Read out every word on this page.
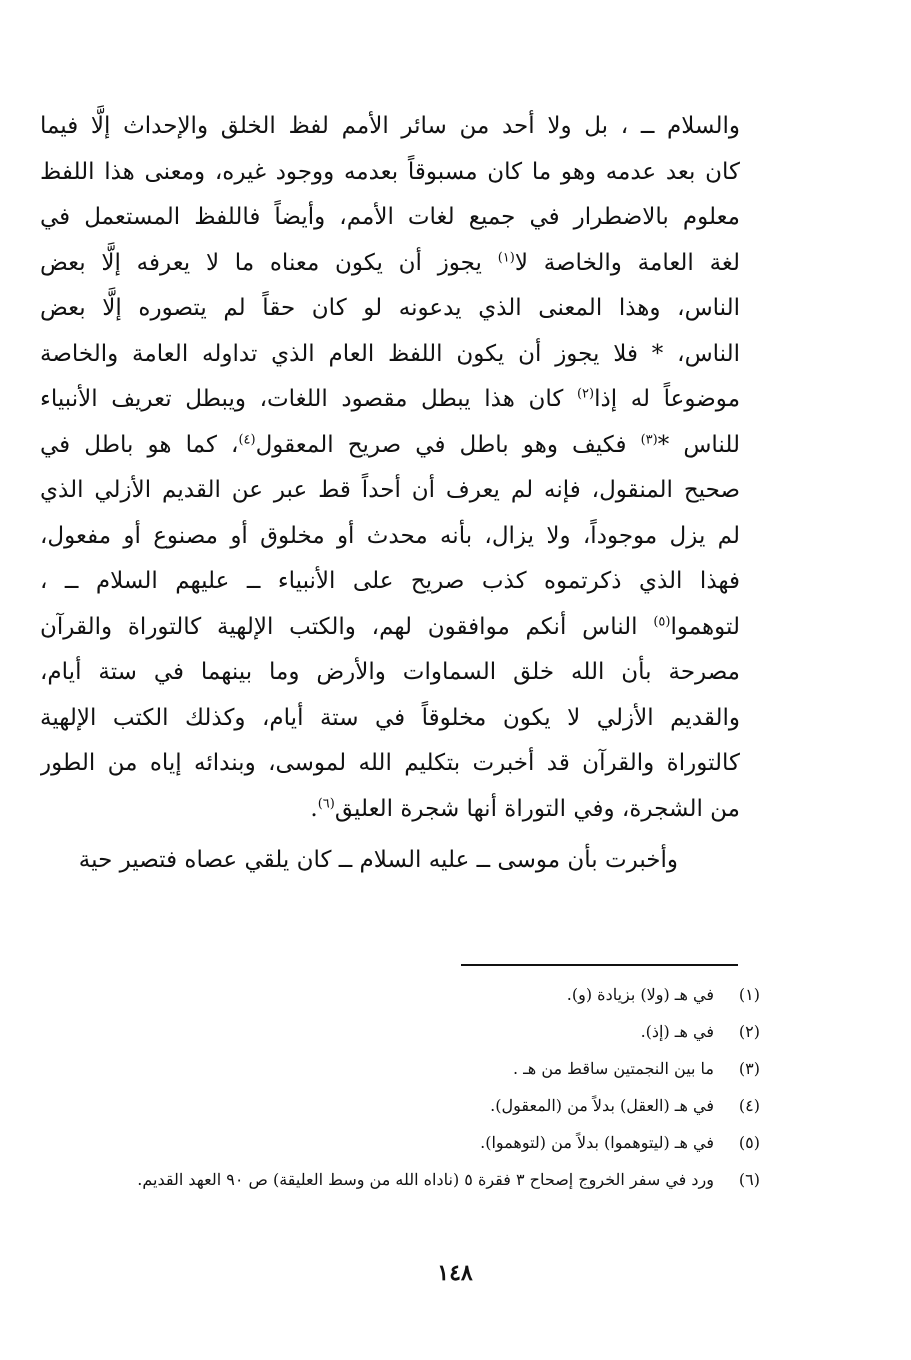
والسلام ــ ، بل ولا أحد من سائر الأمم لفظ الخلق والإحداث إلَّا فيما
كان بعد عدمه وهو ما كان مسبوقاً بعدمه ووجود غيره، ومعنى هذا اللفظ
معلوم بالاضطرار في جميع لغات الأمم، وأيضاً فاللفظ المستعمل في
لغة العامة والخاصة لا$^{(١)}$ يجوز أن يكون معناه ما لا يعرفه إلَّا بعض
الناس، وهذا المعنى الذي يدعونه لو كان حقاً لم يتصوره إلَّا بعض
الناس، * فلا يجوز أن يكون اللفظ العام الذي تداوله العامة والخاصة
موضوعاً له إذا$^{(٢)}$ كان هذا يبطل مقصود اللغات، ويبطل تعريف الأنبياء
للناس *$^{(٣)}$ فكيف وهو باطل في صريح المعقول$^{(٤)}$، كما هو باطل في
صحيح المنقول، فإنه لم يعرف أن أحداً قط عبر عن القديم الأزلي الذي
لم يزل موجوداً، ولا يزال، بأنه محدث أو مخلوق أو مصنوع أو مفعول،
فهذا الذي ذكرتموه كذب صريح على الأنبياء ــ عليهم السلام ــ ،
لتوهموا$^{(٥)}$ الناس أنكم موافقون لهم، والكتب الإلهية كالتوراة والقرآن
مصرحة بأن الله خلق السماوات والأرض وما بينهما في ستة أيام،
والقديم الأزلي لا يكون مخلوقاً في ستة أيام، وكذلك الكتب الإلهية
كالتوراة والقرآن قد أخبرت بتكليم الله لموسى، وبندائه إياه من الطور
من الشجرة، وفي التوراة أنها شجرة العليق$^{(٦)}$.
وأخبرت بأن موسى ــ عليه السلام ــ كان يلقي عصاه فتصير حية
(١)
في هـ (ولا) بزيادة (و).
(٢)
في هـ (إذ).
(٣)
ما بين النجمتين ساقط من هـ .
(٤)
في هـ (العقل) بدلاً من (المعقول).
(٥)
في هـ (ليتوهموا) بدلاً من (لتوهموا).
(٦)
ورد في سفر الخروج إصحاح ٣ فقرة ٥ (ناداه الله من وسط العليقة) ص ٩٠ العهد القديم.
١٤٨
